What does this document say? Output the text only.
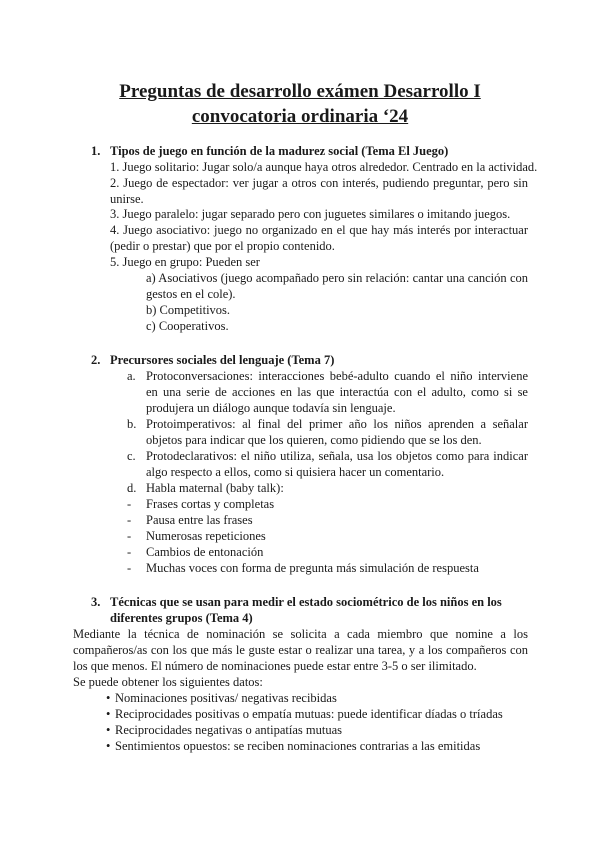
Preguntas de desarrollo exámen Desarrollo I
convocatoria ordinaria ‘24
1. Tipos de juego en función de la madurez social (Tema El Juego)
1. Juego solitario: Jugar solo/a aunque haya otros alrededor. Centrado en la actividad.
2. Juego de espectador: ver jugar a otros con interés, pudiendo preguntar, pero sin unirse.
3. Juego paralelo: jugar separado pero con juguetes similares o imitando juegos.
4. Juego asociativo: juego no organizado en el que hay más interés por interactuar (pedir o prestar) que por el propio contenido.
5. Juego en grupo: Pueden ser
a) Asociativos (juego acompañado pero sin relación: cantar una canción con gestos en el cole).
b) Competitivos.
c) Cooperativos.
2. Precursores sociales del lenguaje (Tema 7)
a. Protoconversaciones: interacciones bebé-adulto cuando el niño interviene en una serie de acciones en las que interactúa con el adulto, como si se produjera un diálogo aunque todavía sin lenguaje.
b. Protoimperativos: al final del primer año los niños aprenden a señalar objetos para indicar que los quieren, como pidiendo que se los den.
c. Protodeclarativos: el niño utiliza, señala, usa los objetos como para indicar algo respecto a ellos, como si quisiera hacer un comentario.
d. Habla maternal (baby talk):
- Frases cortas y completas
- Pausa entre las frases
- Numerosas repeticiones
- Cambios de entonación
- Muchas voces con forma de pregunta más simulación de respuesta
3. Técnicas que se usan para medir el estado sociométrico de los niños en los
diferentes grupos (Tema 4)
Mediante la técnica de nominación se solicita a cada miembro que nomine a los compañeros/as con los que más le guste estar o realizar una tarea, y a los compañeros con los que menos. El número de nominaciones puede estar entre 3-5 o ser ilimitado.
Se puede obtener los siguientes datos:
• Nominaciones positivas/ negativas recibidas
• Reciprocidades positivas o empatía mutuas: puede identificar díadas o tríadas
• Reciprocidades negativas o antipatías mutuas
• Sentimientos opuestos: se reciben nominaciones contrarias a las emitidas
